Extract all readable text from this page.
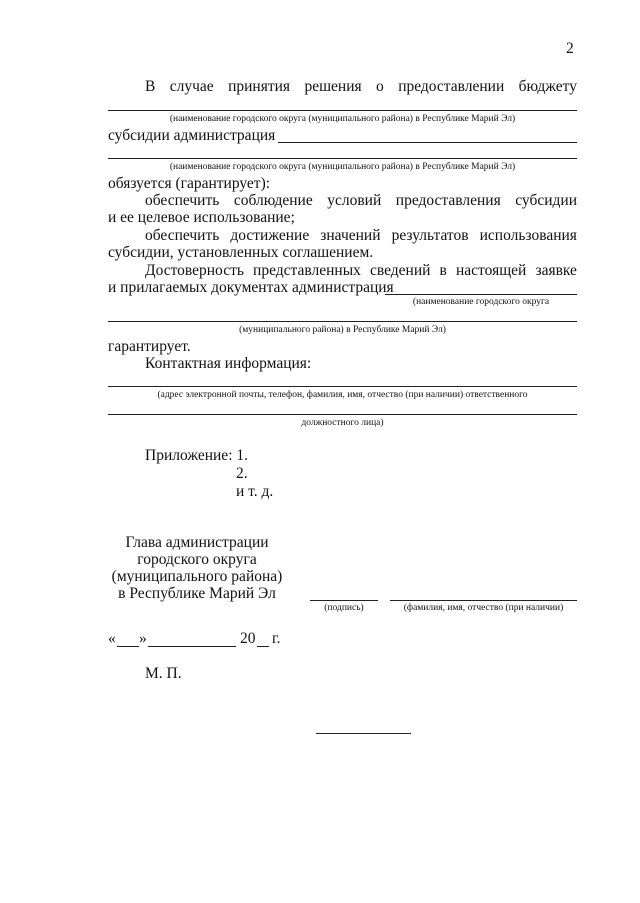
2
В случае принятия решения о предоставлении бюджету
(наименование городского округа (муниципального района) в Республике Марий Эл)
субсидии администрация
(наименование городского округа (муниципального района) в Республике Марий Эл)
обязуется (гарантирует):
обеспечить соблюдение условий предоставления субсидии
и ее целевое использование;
обеспечить достижение значений результатов использования
субсидии, установленных соглашением.
Достоверность представленных сведений в настоящей заявке
и прилагаемых документах администрация
(наименование городского округа
(муниципального района) в Республике Марий Эл)
гарантирует.
Контактная информация:
(адрес электронной почты, телефон, фамилия, имя, отчество (при наличии) ответственного
должностного лица)
Приложение: 1.
2.
и т. д.
Глава администрации
городского округа
(муниципального района)
в Республике Марий Эл
(подпись)	(фамилия, имя, отчество (при наличии)
« »	20 г.
М. П.
